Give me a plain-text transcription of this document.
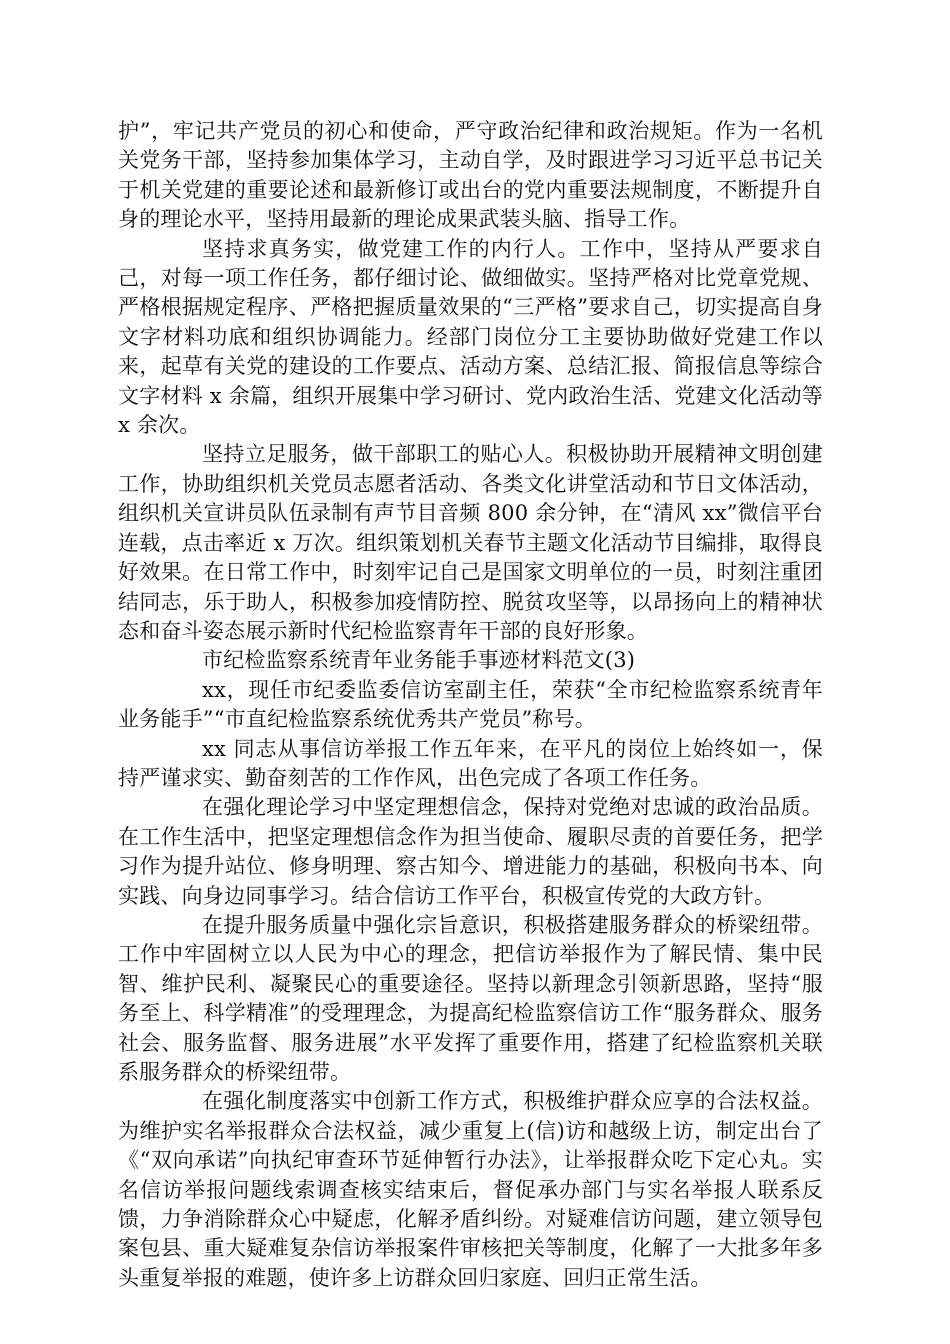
护”，牢记共产党员的初心和使命，严守政治纪律和政治规矩。作为一名机关党务干部，坚持参加集体学习，主动自学，及时跟进学习习近平总书记关于机关党建的重要论述和最新修订或出台的党内重要法规制度，不断提升自身的理论水平，坚持用最新的理论成果武装头脑、指导工作。

坚持求真务实，做党建工作的内行人。工作中，坚持从严要求自己，对每一项工作任务，都仔细讨论、做细做实。坚持严格对比党章党规、严格根据规定程序、严格把握质量效果的“三严格”要求自己，切实提高自身文字材料功底和组织协调能力。经部门岗位分工主要协助做好党建工作以来，起草有关党的建设的工作要点、活动方案、总结汇报、简报信息等综合文字材料 x 余篇，组织开展集中学习研讨、党内政治生活、党建文化活动等 x 余次。

坚持立足服务，做干部职工的贴心人。积极协助开展精神文明创建工作，协助组织机关党员志愿者活动、各类文化讲堂活动和节日文体活动，组织机关宣讲员队伍录制有声节目音频 800 余分钟，在“清风 xx”微信平台连载，点击率近 x 万次。组织策划机关春节主题文化活动节目编排，取得良好效果。在日常工作中，时刻牢记自己是国家文明单位的一员，时刻注重团结同志，乐于助人，积极参加疫情防控、脱贫攻坚等，以昂扬向上的精神状态和奋斗姿态展示新时代纪检监察青年干部的良好形象。

市纪检监察系统青年业务能手事迹材料范文(3)

xx，现任市纪委监委信访室副主任，荣获“全市纪检监察系统青年业务能手”“市直纪检监察系统优秀共产党员”称号。

xx 同志从事信访举报工作五年来，在平凡的岗位上始终如一，保持严谨求实、勤奋刻苦的工作作风，出色完成了各项工作任务。

在强化理论学习中坚定理想信念，保持对党绝对忠诚的政治品质。在工作生活中，把坚定理想信念作为担当使命、履职尽责的首要任务，把学习作为提升站位、修身明理、察古知今、增进能力的基础，积极向书本、向实践、向身边同事学习。结合信访工作平台，积极宣传党的大政方针。

在提升服务质量中强化宗旨意识，积极搭建服务群众的桥梁纽带。工作中牢固树立以人民为中心的理念，把信访举报作为了解民情、集中民智、维护民利、凝聚民心的重要途径。坚持以新理念引领新思路，坚持“服务至上、科学精准”的受理理念，为提高纪检监察信访工作“服务群众、服务社会、服务监督、服务进展”水平发挥了重要作用，搭建了纪检监察机关联系服务群众的桥梁纽带。

在强化制度落实中创新工作方式，积极维护群众应享的合法权益。为维护实名举报群众合法权益，减少重复上(信)访和越级上访，制定出台了《“双向承诺”向执纪审查环节延伸暂行办法》，让举报群众吃下定心丸。实名信访举报问题线索调查核实结束后，督促承办部门与实名举报人联系反馈，力争消除群众心中疑虑，化解矛盾纠纷。对疑难信访问题，建立领导包案包县、重大疑难复杂信访举报案件审核把关等制度，化解了一大批多年多头重复举报的难题，使许多上访群众回归家庭、回归正常生活。
